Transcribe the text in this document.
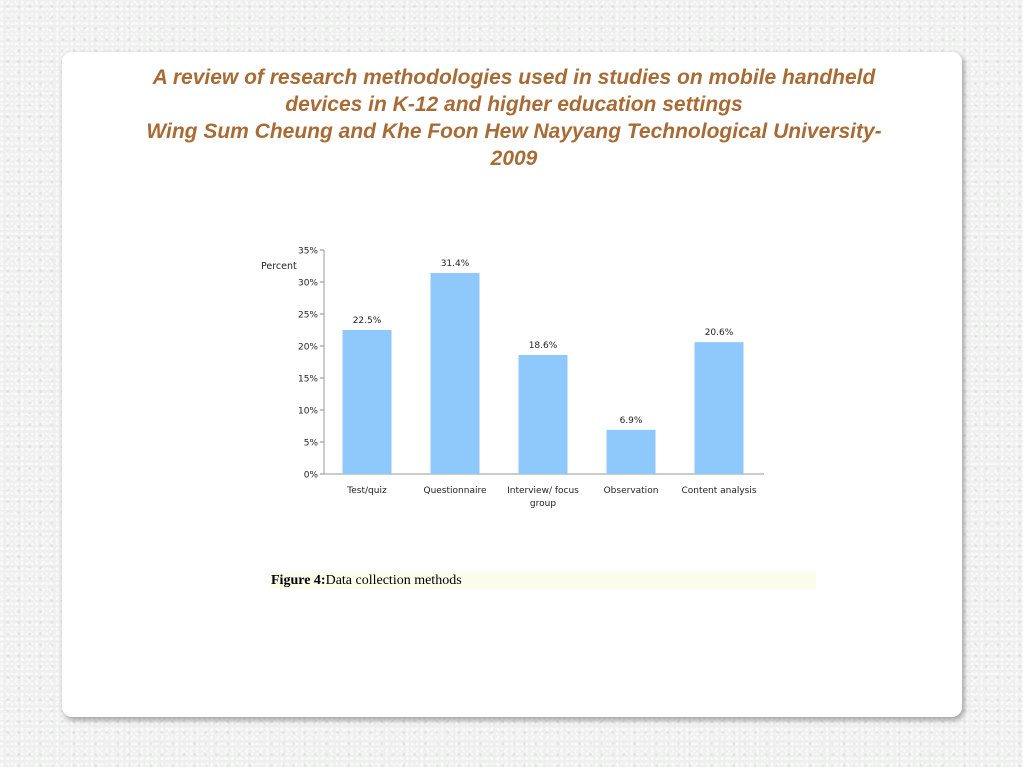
A review of research methodologies used in studies on mobile handheld
devices in K-12 and higher education settings
Wing Sum Cheung and Khe Foon Hew Nayyang Technological University-
2009
0%
5%
10%
15%
20%
25%
30%
35%
Percent
22.5%
Test/quiz
31.4%
Questionnaire
18.6%
Interview/ focus
group
6.9%
Observation
20.6%
Content analysis
Figure 4:Data collection methods
